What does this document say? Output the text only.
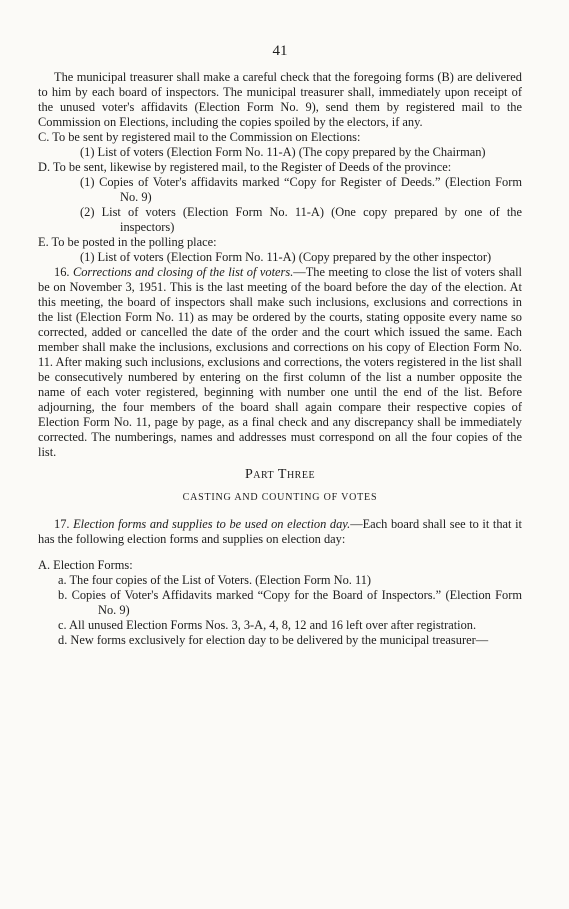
41

The municipal treasurer shall make a careful check that the foregoing forms (B) are delivered to him by each board of inspectors. The municipal treasurer shall, immediately upon receipt of the unused voter's affidavits (Election Form No. 9), send them by registered mail to the Commission on Elections, including the copies spoiled by the electors, if any.

C. To be sent by registered mail to the Commission on Elections:

(1) List of voters (Election Form No. 11-A) (The copy prepared by the Chairman)

D. To be sent, likewise by registered mail, to the Register of Deeds of the province:

(1) Copies of Voter's affidavits marked “Copy for Register of Deeds.” (Election Form No. 9)

(2) List of voters (Election Form No. 11-A) (One copy prepared by one of the inspectors)

E. To be posted in the polling place:

(1) List of voters (Election Form No. 11-A) (Copy prepared by the other inspector)

16. Corrections and closing of the list of voters.—The meeting to close the list of voters shall be on November 3, 1951. This is the last meeting of the board before the day of the election. At this meeting, the board of inspectors shall make such inclusions, exclusions and corrections in the list (Election Form No. 11) as may be ordered by the courts, stating opposite every name so corrected, added or cancelled the date of the order and the court which issued the same. Each member shall make the inclusions, exclusions and corrections on his copy of Election Form No. 11. After making such inclusions, exclusions and corrections, the voters registered in the list shall be consecutively numbered by entering on the first column of the list a number opposite the name of each voter registered, beginning with number one until the end of the list. Before adjourning, the four members of the board shall again compare their respective copies of Election Form No. 11, page by page, as a final check and any discrepancy shall be immediately corrected. The numberings, names and addresses must correspond on all the four copies of the list.

Part Three
CASTING AND COUNTING OF VOTES

17. Election forms and supplies to be used on election day.—Each board shall see to it that it has the following election forms and supplies on election day:

A. Election Forms:

a. The four copies of the List of Voters. (Election Form No. 11)

b. Copies of Voter's Affidavits marked “Copy for the Board of Inspectors.” (Election Form No. 9)

c. All unused Election Forms Nos. 3, 3-A, 4, 8, 12 and 16 left over after registration.

d. New forms exclusively for election day to be delivered by the municipal treasurer—
